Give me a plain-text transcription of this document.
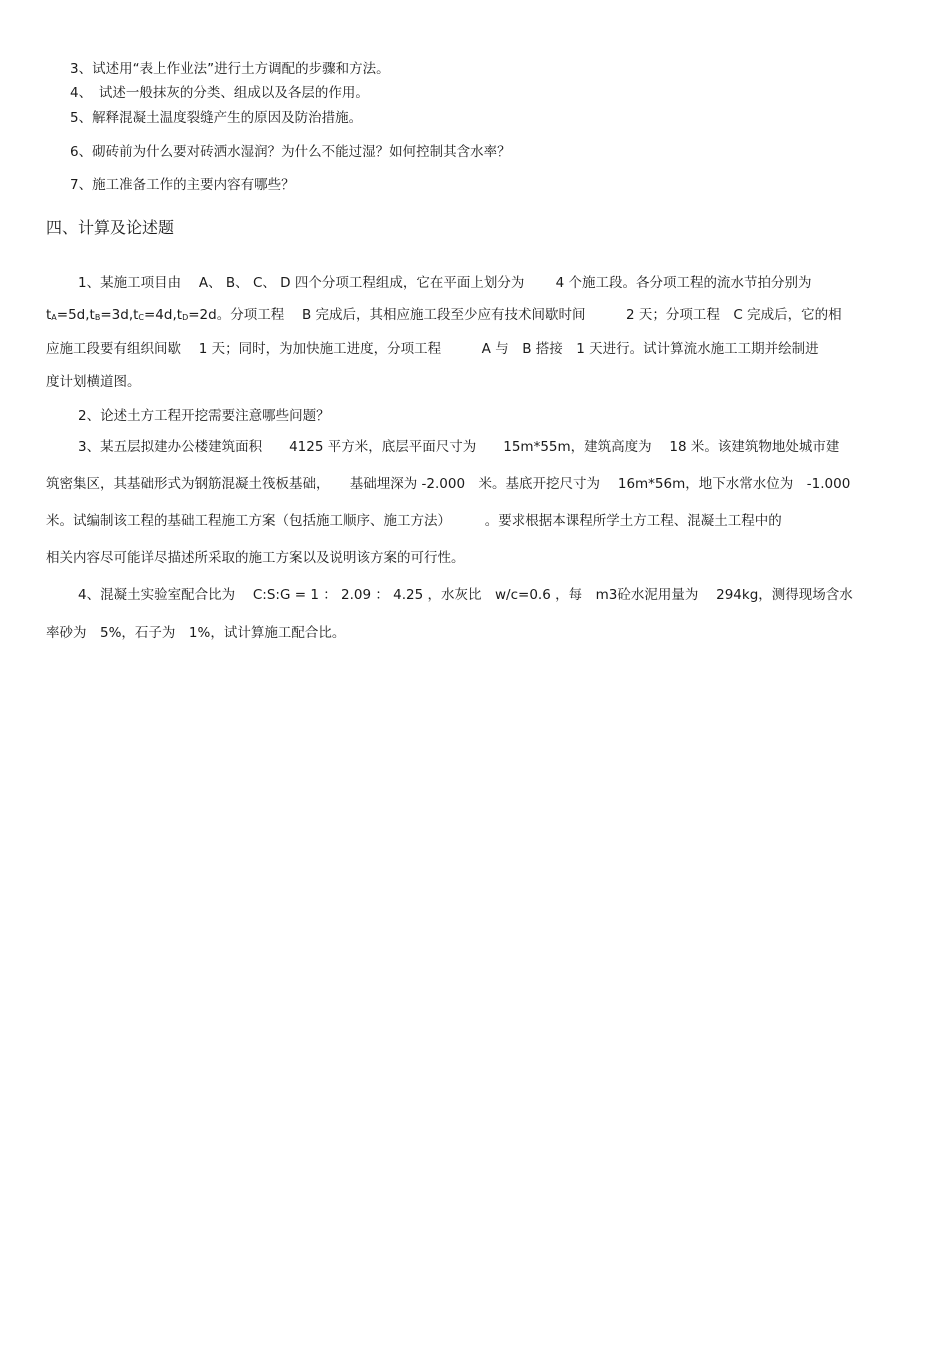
3、试述用“表上作业法”进行土方调配的步骤和方法。
4、　试述一般抹灰的分类、组成以及各层的作用。
5、解释混凝土温度裂缝产生的原因及防治措施。
6、砌砖前为什么要对砖洒水湿润？为什么不能过湿？如何控制其含水率？
7、施工准备工作的主要内容有哪些？
四、计算及论述题
1、某施工项目由　 A、 B、 C、 D 四个分项工程组成，它在平面上划分为　　 4 个施工段。各分项工程的流水节拍分别为
$t_A=5d,t_B=3d,t_C=4d,t_D=2d$。分项工程　 B 完成后，其相应施工段至少应有技术间歇时间　　　2 天；分项工程　C 完成后，它的相
应施工段要有组织间歇　 1 天；同时，为加快施工进度，分项工程　　　A 与　B 搭接　1 天进行。试计算流水施工工期并绘制进
度计划横道图。
2、论述土方工程开挖需要注意哪些问题？
3、某五层拟建办公楼建筑面积　　4125 平方米，底层平面尺寸为　　15m*55m，建筑高度为　 18 米。该建筑物地处城市建
筑密集区，其基础形式为钢筋混凝土筏板基础，　　基础埋深为 -2.000　米。基底开挖尺寸为　 16m*56m，地下水常水位为　-1.000
米。试编制该工程的基础工程施工方案（包括施工顺序、施工方法）　　　。要求根据本课程所学土方工程、混凝土工程中的
相关内容尽可能详尽描述所采取的施工方案以及说明该方案的可行性。
4、混凝土实验室配合比为　 C:S:G = 1 ： 2.09 ： 4.25 ，水灰比　w/c=0.6 ，每　m3砼水泥用量为　 294kg，测得现场含水
率砂为　5%，石子为　1%，试计算施工配合比。
